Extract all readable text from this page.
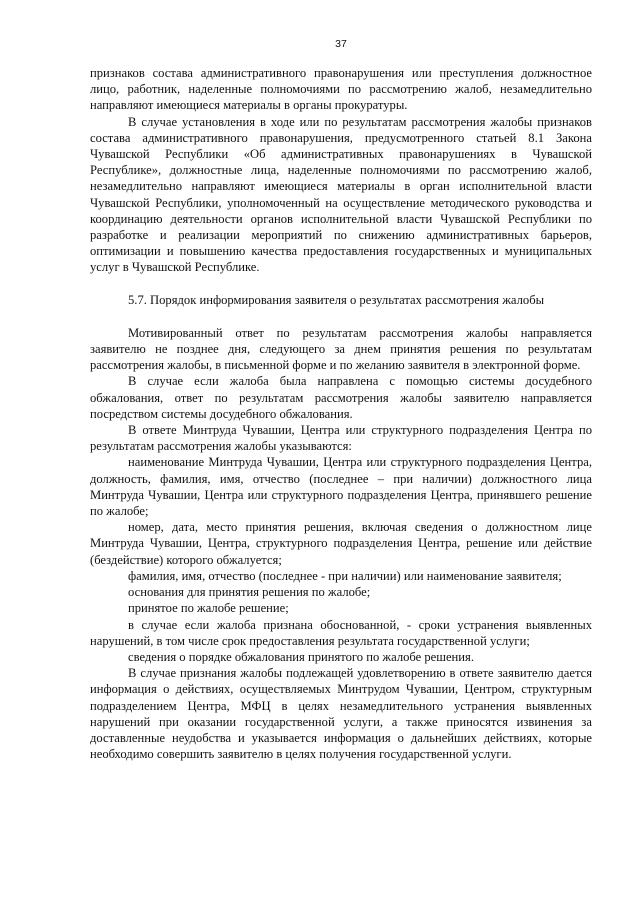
37

признаков состава административного правонарушения или преступления должностное лицо, работник, наделенные полномочиями по рассмотрению жалоб, незамедлительно направляют имеющиеся материалы в органы прокуратуры.

В случае установления в ходе или по результатам рассмотрения жалобы признаков состава административного правонарушения, предусмотренного статьей 8.1 Закона Чувашской Республики «Об административных правонарушениях в Чувашской Республике», должностные лица, наделенные полномочиями по рассмотрению жалоб, незамедлительно направляют имеющиеся материалы в орган исполнительной власти Чувашской Республики, уполномоченный на осуществление методического руководства и координацию деятельности органов исполнительной власти Чувашской Республики по разработке и реализации мероприятий по снижению административных барьеров, оптимизации и повышению качества предоставления государственных и муниципальных услуг в Чувашской Республике.

5.7. Порядок информирования заявителя о результатах рассмотрения жалобы

Мотивированный ответ по результатам рассмотрения жалобы направляется заявителю не позднее дня, следующего за днем принятия решения по результатам рассмотрения жалобы, в письменной форме и по желанию заявителя в электронной форме.

В случае если жалоба была направлена с помощью системы досудебного обжалования, ответ по результатам рассмотрения жалобы заявителю направляется посредством системы досудебного обжалования.

В ответе Минтруда Чувашии, Центра или структурного подразделения Центра по результатам рассмотрения жалобы указываются:

наименование Минтруда Чувашии, Центра или структурного подразделения Центра, должность, фамилия, имя, отчество (последнее – при наличии) должностного лица Минтруда Чувашии, Центра или структурного подразделения Центра, принявшего решение по жалобе;

номер, дата, место принятия решения, включая сведения о должностном лице Минтруда Чувашии, Центра, структурного подразделения Центра, решение или действие (бездействие) которого обжалуется;

фамилия, имя, отчество (последнее - при наличии) или наименование заявителя;

основания для принятия решения по жалобе;

принятое по жалобе решение;

в случае если жалоба признана обоснованной, - сроки устранения выявленных нарушений, в том числе срок предоставления результата государственной услуги;

сведения о порядке обжалования принятого по жалобе решения.

В случае признания жалобы подлежащей удовлетворению в ответе заявителю дается информация о действиях, осуществляемых Минтрудом Чувашии, Центром, структурным подразделением Центра, МФЦ в целях незамедлительного устранения выявленных нарушений при оказании государственной услуги, а также приносятся извинения за доставленные неудобства и указывается информация о дальнейших действиях, которые необходимо совершить заявителю в целях получения государственной услуги.
